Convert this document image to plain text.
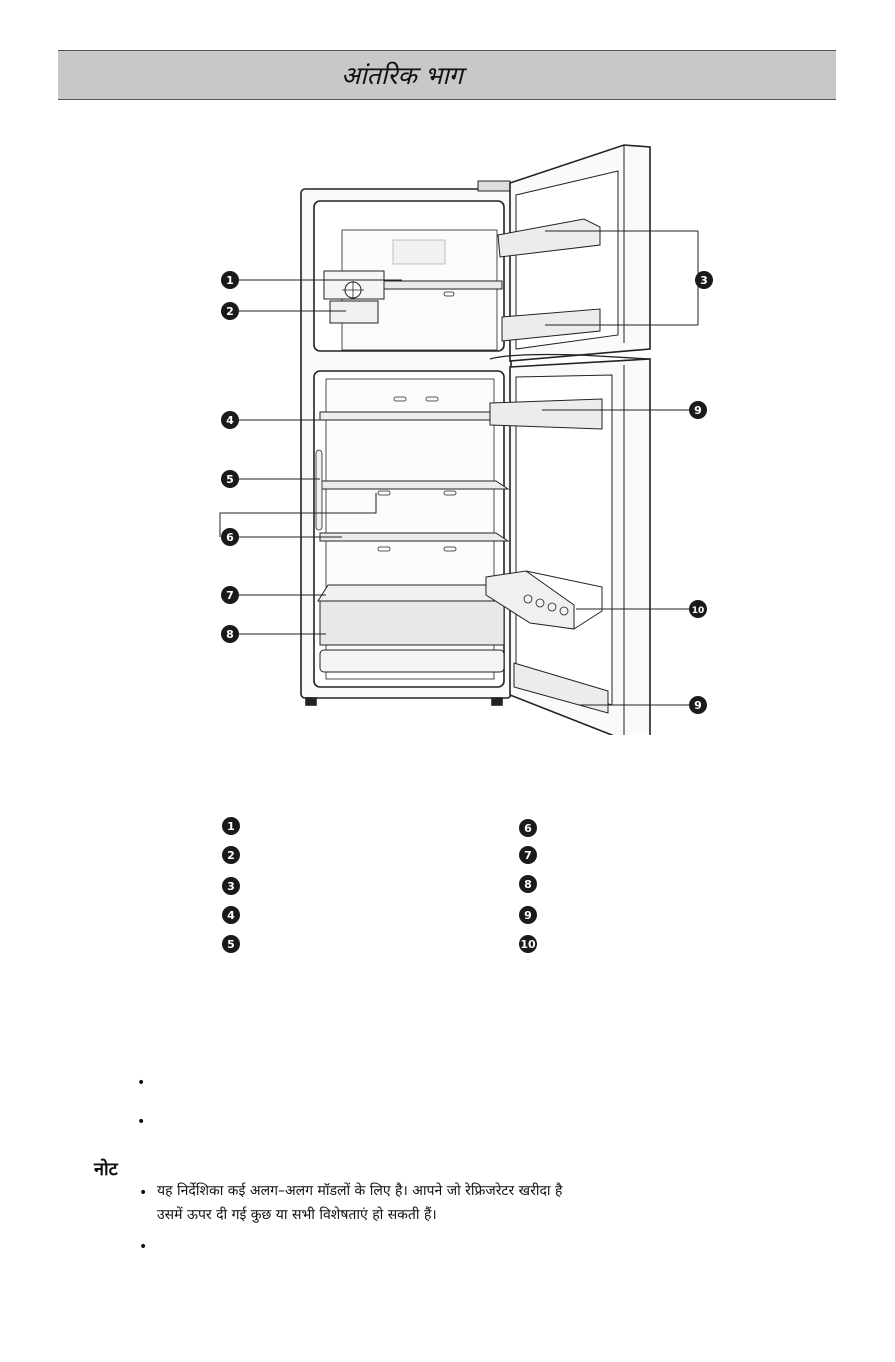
आंतरिक भाग
1
2
3
4
5
6
7
8
9
10
9
1
2
3
4
5
6
7
8
9
10
•
•
नोट
• यह निर्देशिका कई अलग–अलग मॉडलों के लिए है। आपने जो रेफ्रिजरेटर खरीदा है
उसमें ऊपर दी गई कुछ या सभी विशेषताएं हो सकती हैं।
•
